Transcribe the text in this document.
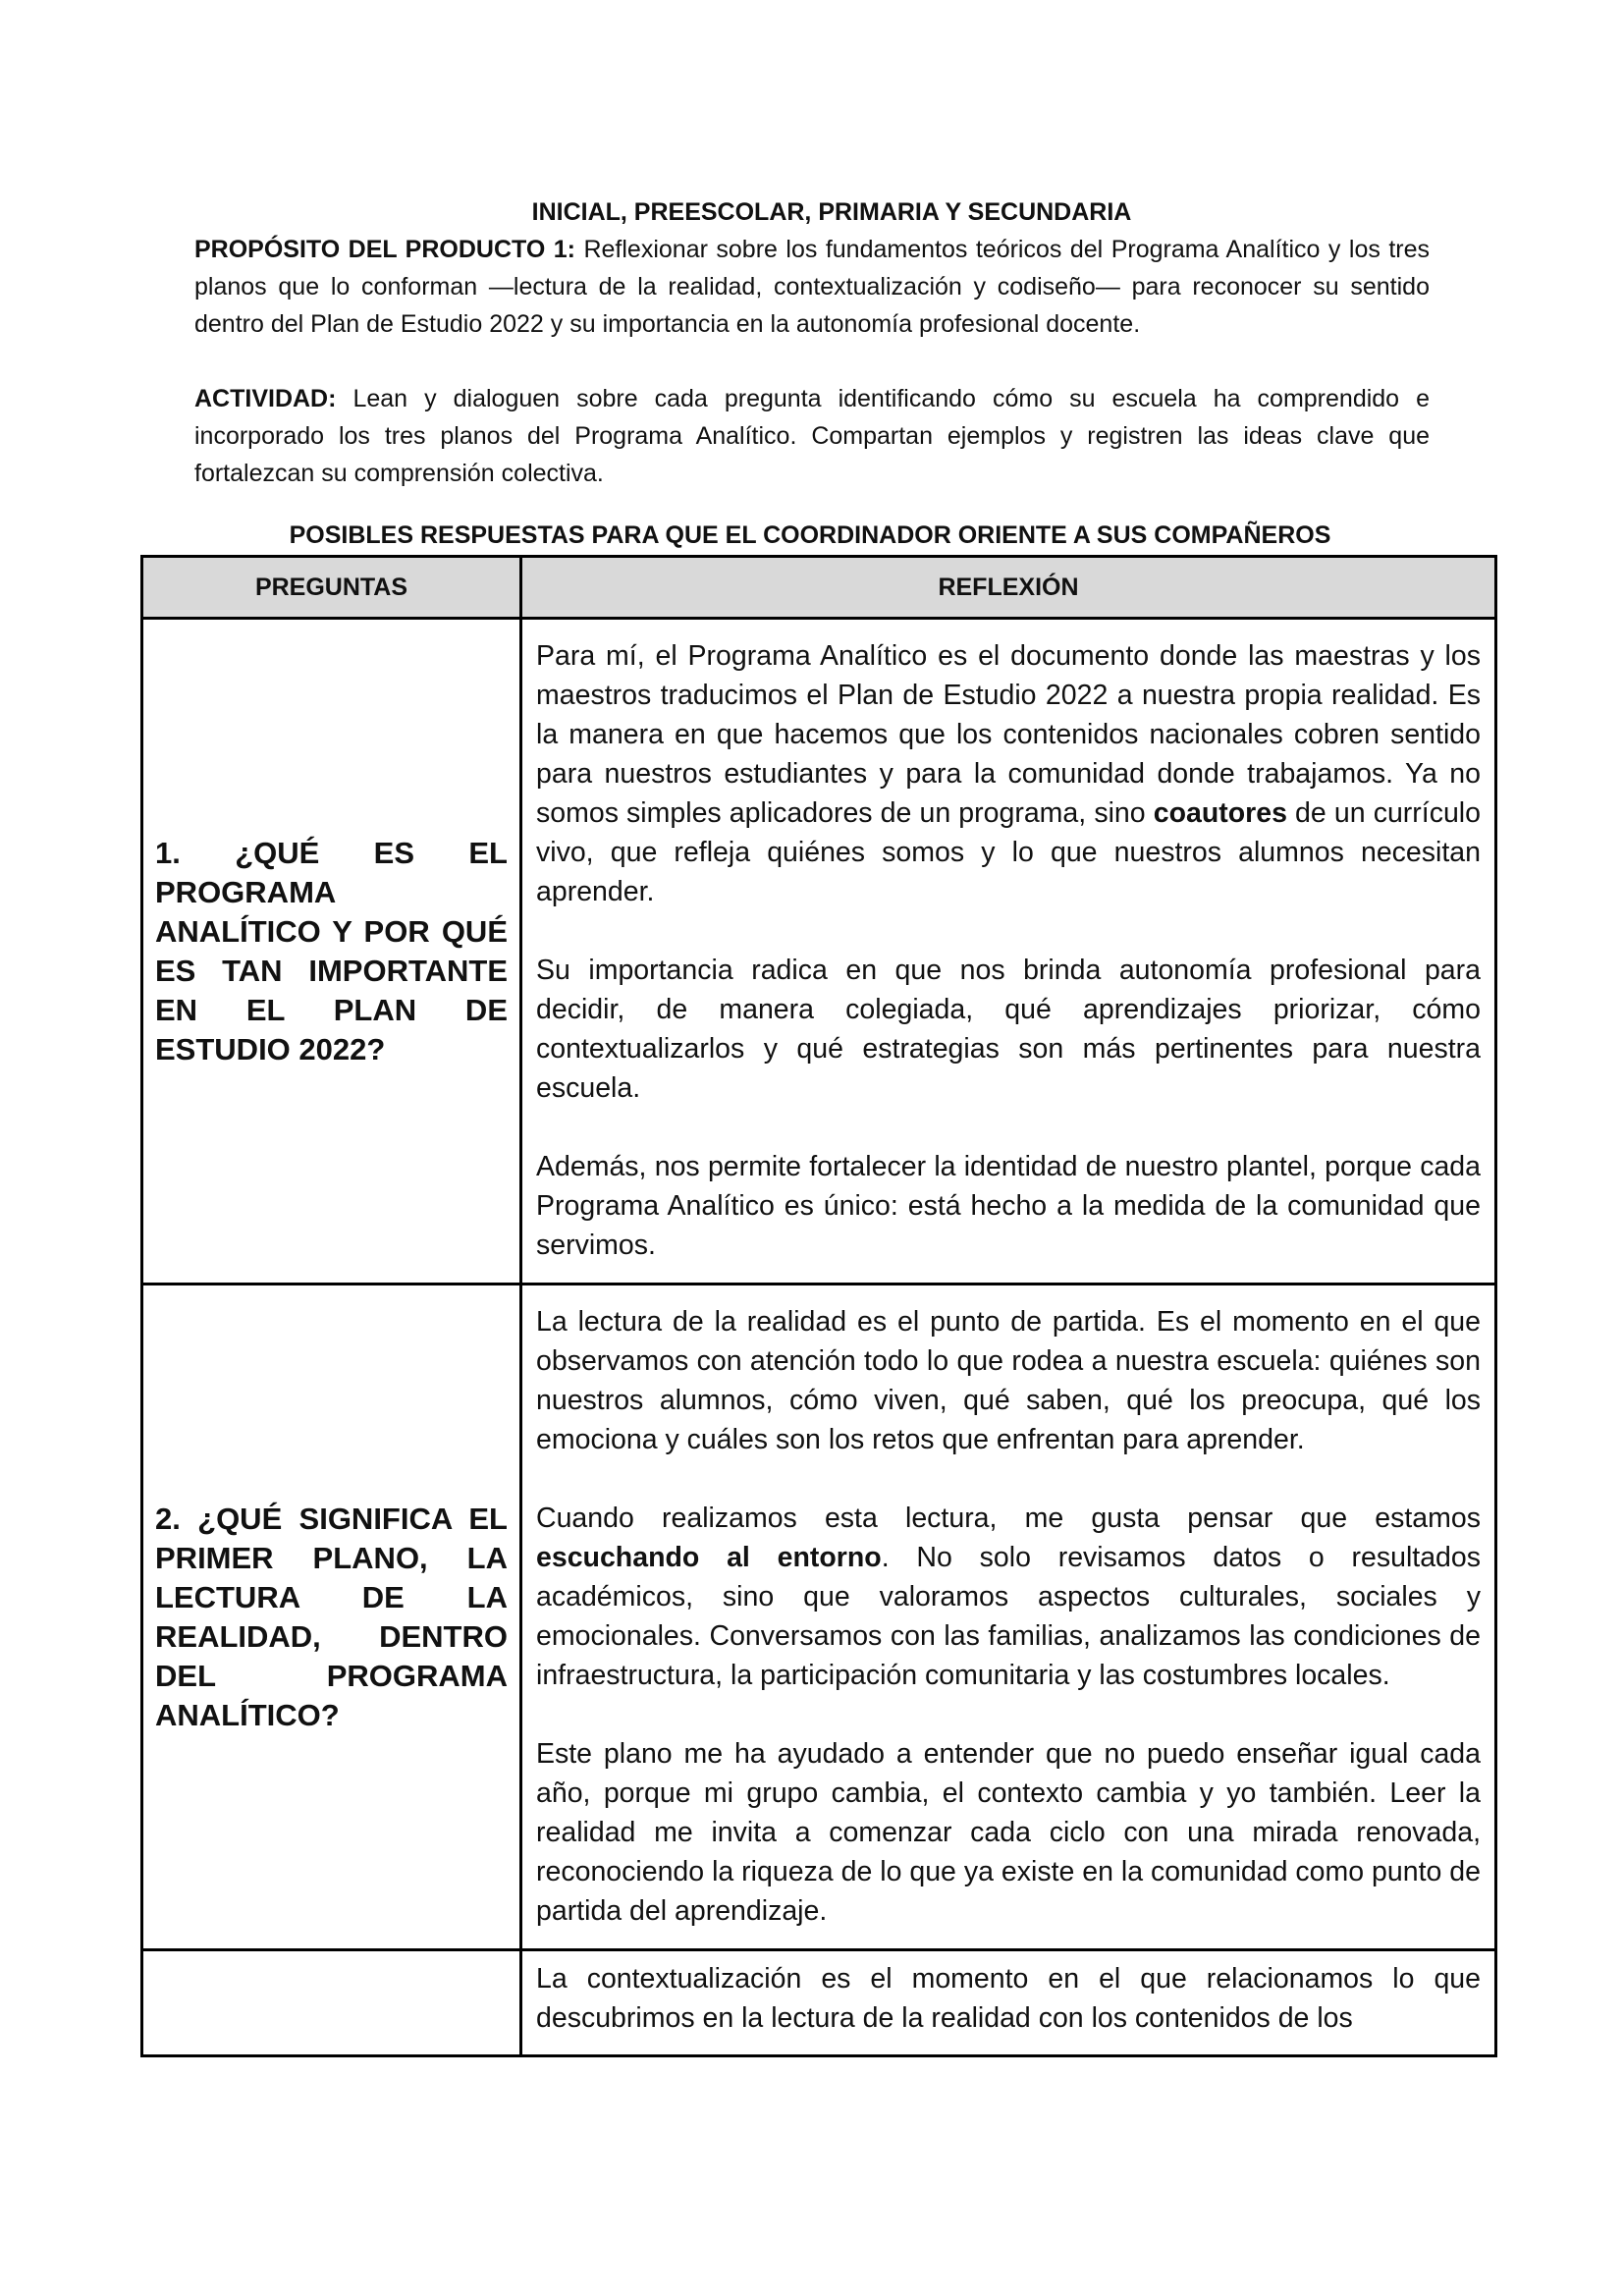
INICIAL, PREESCOLAR, PRIMARIA Y SECUNDARIA

PROPÓSITO DEL PRODUCTO 1: Reflexionar sobre los fundamentos teóricos del Programa Analítico y los tres planos que lo conforman —lectura de la realidad, contextualización y codiseño— para reconocer su sentido dentro del Plan de Estudio 2022 y su importancia en la autonomía profesional docente.

ACTIVIDAD: Lean y dialoguen sobre cada pregunta identificando cómo su escuela ha comprendido e incorporado los tres planos del Programa Analítico. Compartan ejemplos y registren las ideas clave que fortalezcan su comprensión colectiva.

POSIBLES RESPUESTAS PARA QUE EL COORDINADOR ORIENTE A SUS COMPAÑEROS
PREGUNTAS	REFLEXIÓN
1. ¿QUÉ ES EL PROGRAMA ANALÍTICO Y POR QUÉ ES TAN IMPORTANTE EN EL PLAN DE ESTUDIO 2022?	Para mí, el Programa Analítico es el documento donde las maestras y los maestros traducimos el Plan de Estudio 2022 a nuestra propia realidad. Es la manera en que hacemos que los contenidos nacionales cobren sentido para nuestros estudiantes y para la comunidad donde trabajamos. Ya no somos simples aplicadores de un programa, sino coautores de un currículo vivo, que refleja quiénes somos y lo que nuestros alumnos necesitan aprender.

Su importancia radica en que nos brinda autonomía profesional para decidir, de manera colegiada, qué aprendizajes priorizar, cómo contextualizarlos y qué estrategias son más pertinentes para nuestra escuela.

Además, nos permite fortalecer la identidad de nuestro plantel, porque cada Programa Analítico es único: está hecho a la medida de la comunidad que servimos.

2. ¿QUÉ SIGNIFICA EL PRIMER PLANO, LA LECTURA DE LA REALIDAD, DENTRO DEL PROGRAMA ANALÍTICO?	La lectura de la realidad es el punto de partida. Es el momento en el que observamos con atención todo lo que rodea a nuestra escuela: quiénes son nuestros alumnos, cómo viven, qué saben, qué los preocupa, qué los emociona y cuáles son los retos que enfrentan para aprender.

Cuando realizamos esta lectura, me gusta pensar que estamos escuchando al entorno. No solo revisamos datos o resultados académicos, sino que valoramos aspectos culturales, sociales y emocionales. Conversamos con las familias, analizamos las condiciones de infraestructura, la participación comunitaria y las costumbres locales.

Este plano me ha ayudado a entender que no puedo enseñar igual cada año, porque mi grupo cambia, el contexto cambia y yo también. Leer la realidad me invita a comenzar cada ciclo con una mirada renovada, reconociendo la riqueza de lo que ya existe en la comunidad como punto de partida del aprendizaje.

	La contextualización es el momento en el que relacionamos lo que descubrimos en la lectura de la realidad con los contenidos de los
